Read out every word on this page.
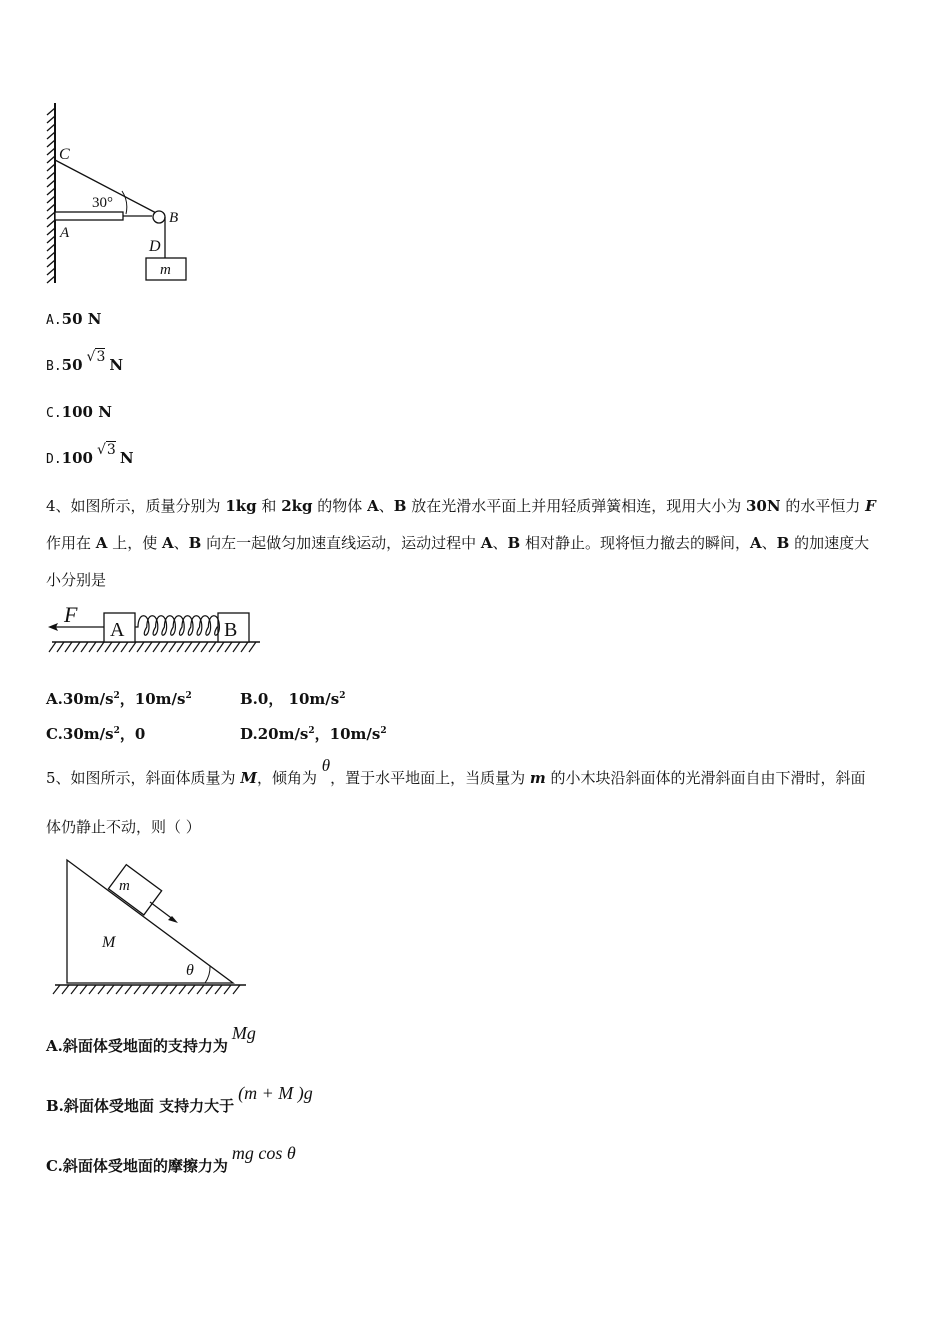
C
A
B
D
m
30°
A.50 N
B.50 √3 N
C.100 N
D.100 √3 N
4、如图所示，质量分别为 1kg 和 2kg 的物体 A、B 放在光滑水平面上并用轻质弹簧相连，现用大小为 30N 的水平恒力 F
作用在 A 上，使 A、B 向左一起做匀加速直线运动，运动过程中 A、B 相对静止。现将恒力撤去的瞬间，A、B 的加速度大
小分别是
F
A	B
$A.30m/s^2$，$10m/s^2$	B.0， $10m/s^2$
$C.30m/s^2$，0	$D.20m/s^2$，$10m/s^2$
5、如图所示，斜面体质量为 M，倾角为 θ，置于水平地面上，当质量为 m 的小木块沿斜面体的光滑斜面自由下滑时，斜面
体仍静止不动，则（ ）
m
M
θ
A.斜面体受地面的支持力为Mg
B.斜面体受地面 支持力大于(m + M )g
C.斜面体受地面的摩擦力为mg cos θ
